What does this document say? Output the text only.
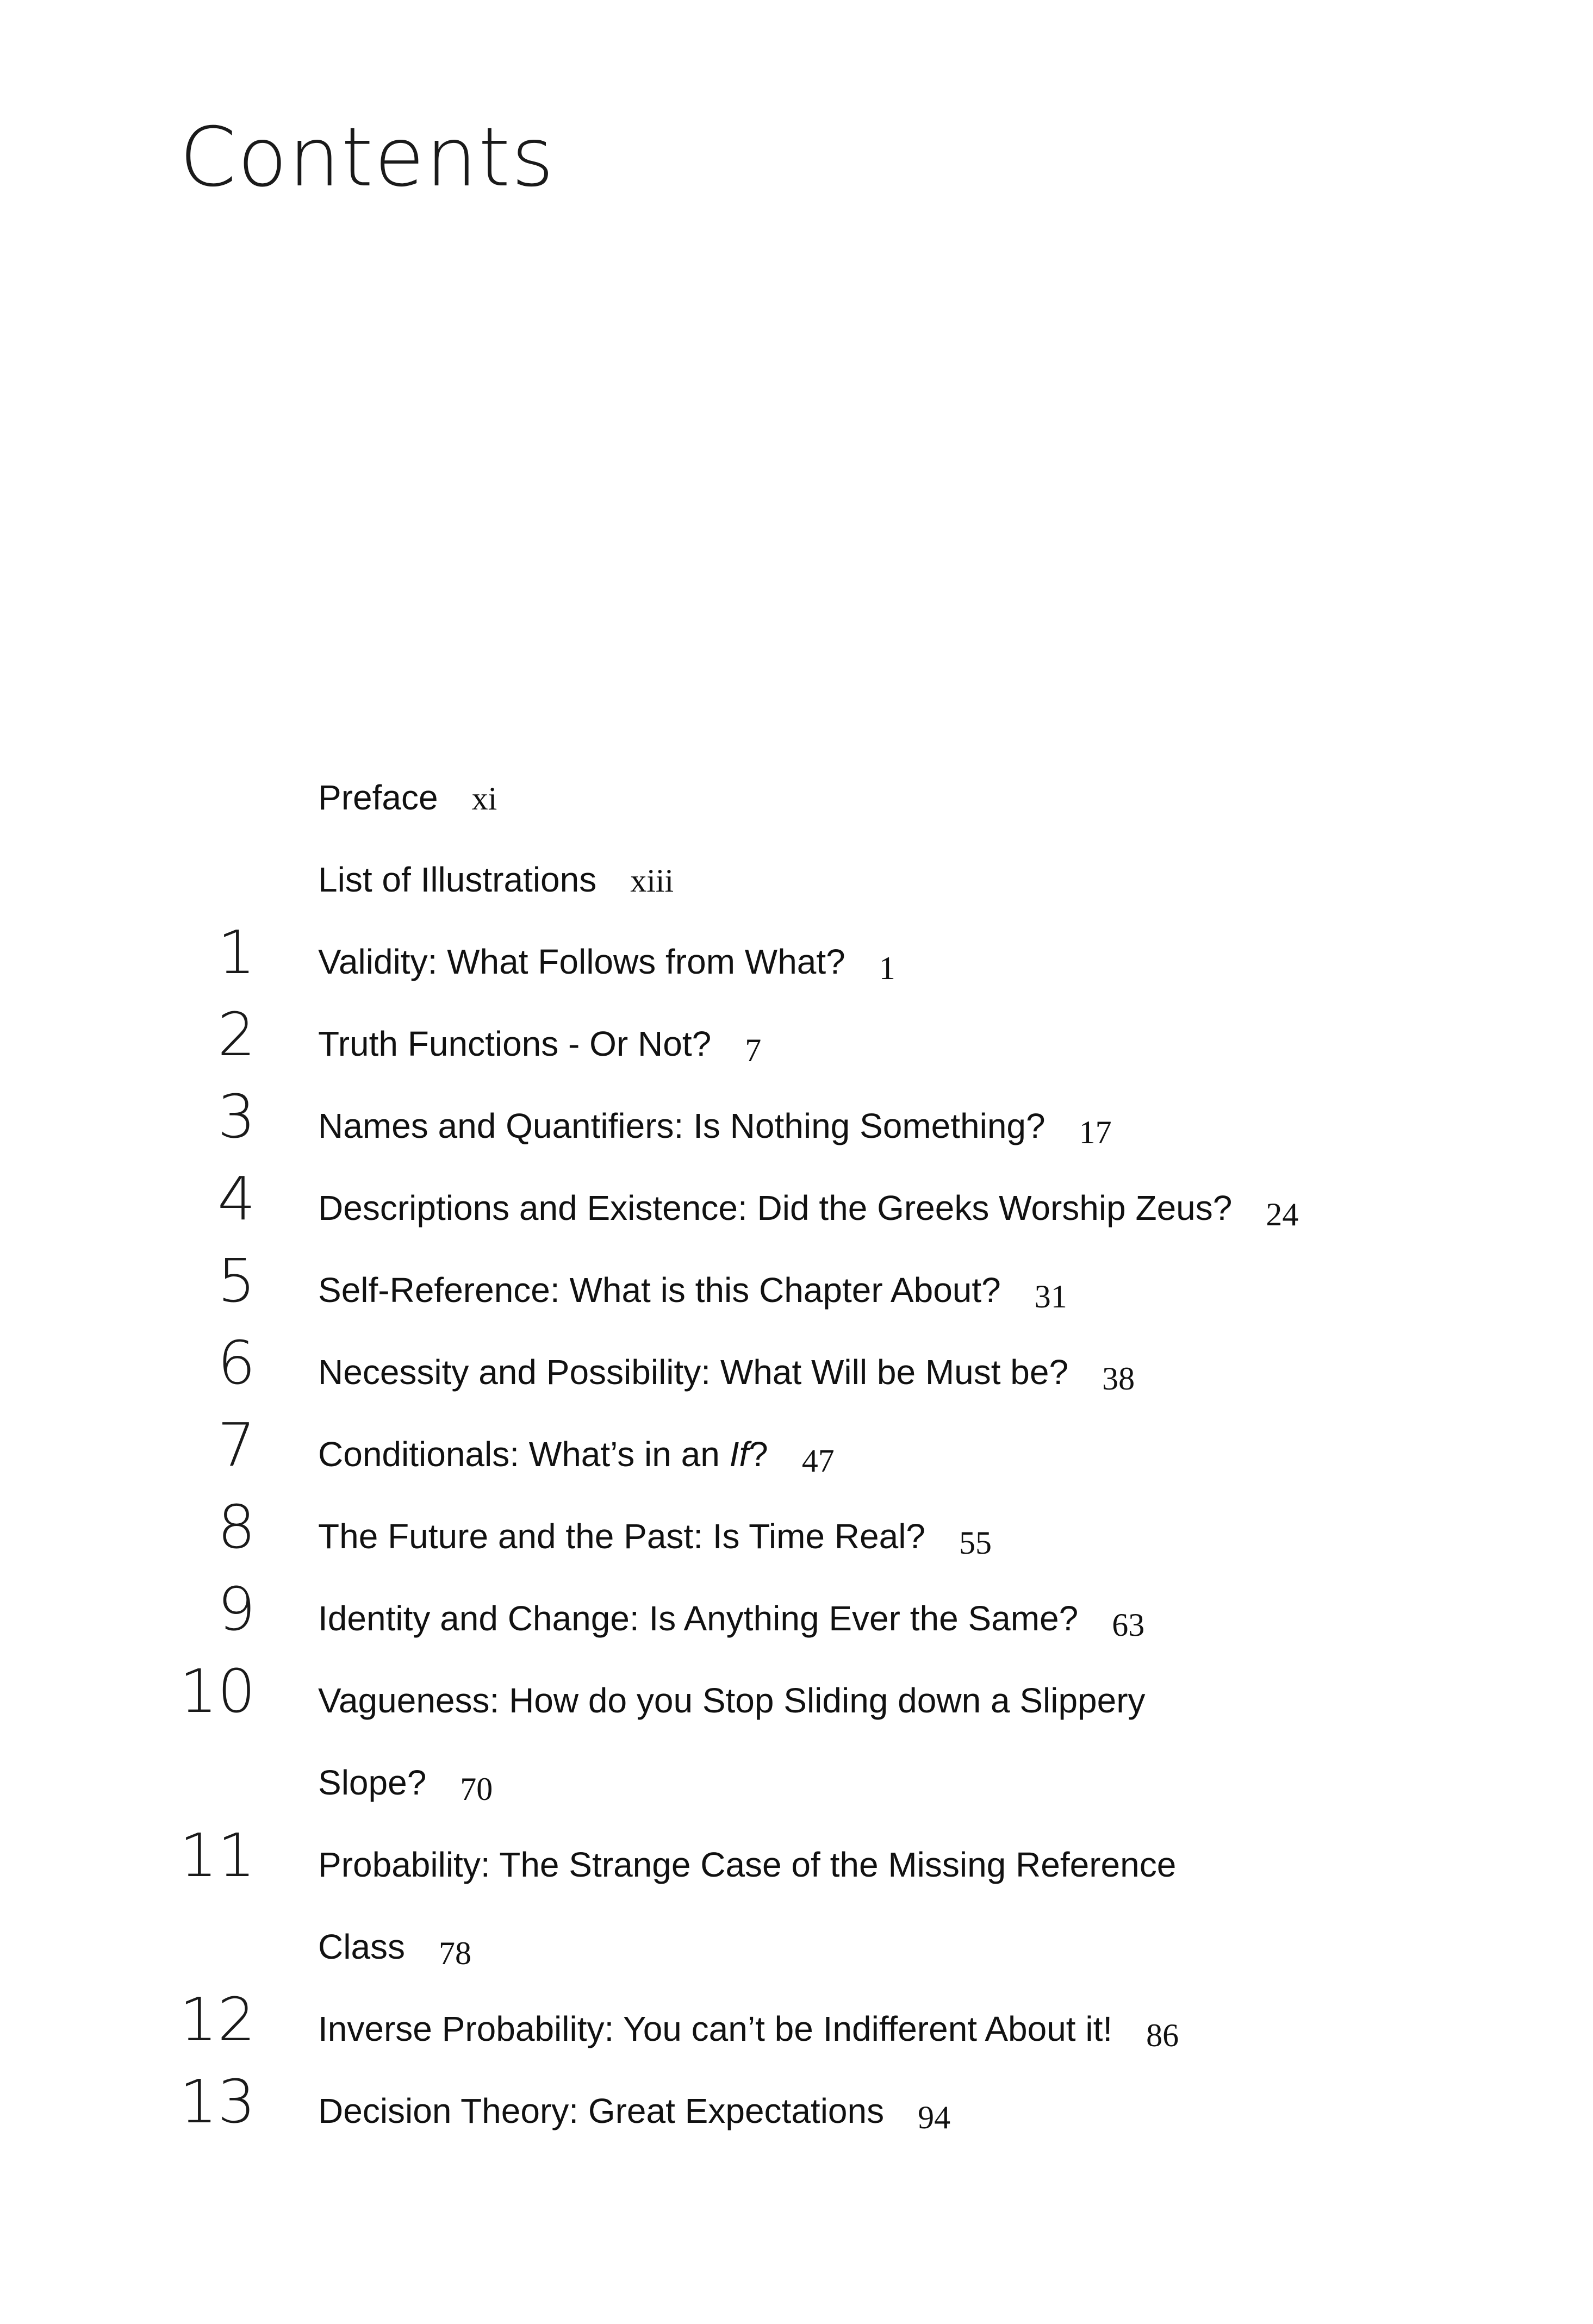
Contents
Preface xi
List of Illustrations xiii
1 Validity: What Follows from What? 1
2 Truth Functions - Or Not? 7
3 Names and Quantifiers: Is Nothing Something? 17
4 Descriptions and Existence: Did the Greeks Worship Zeus? 24
5 Self-Reference: What is this Chapter About? 31
6 Necessity and Possibility: What Will be Must be? 38
7 Conditionals: What’s in an If? 47
8 The Future and the Past: Is Time Real? 55
9 Identity and Change: Is Anything Ever the Same? 63
10 Vagueness: How do you Stop Sliding down a Slippery
Slope? 70
11 Probability: The Strange Case of the Missing Reference
Class 78
12 Inverse Probability: You can’t be Indifferent About it! 86
13 Decision Theory: Great Expectations 94
